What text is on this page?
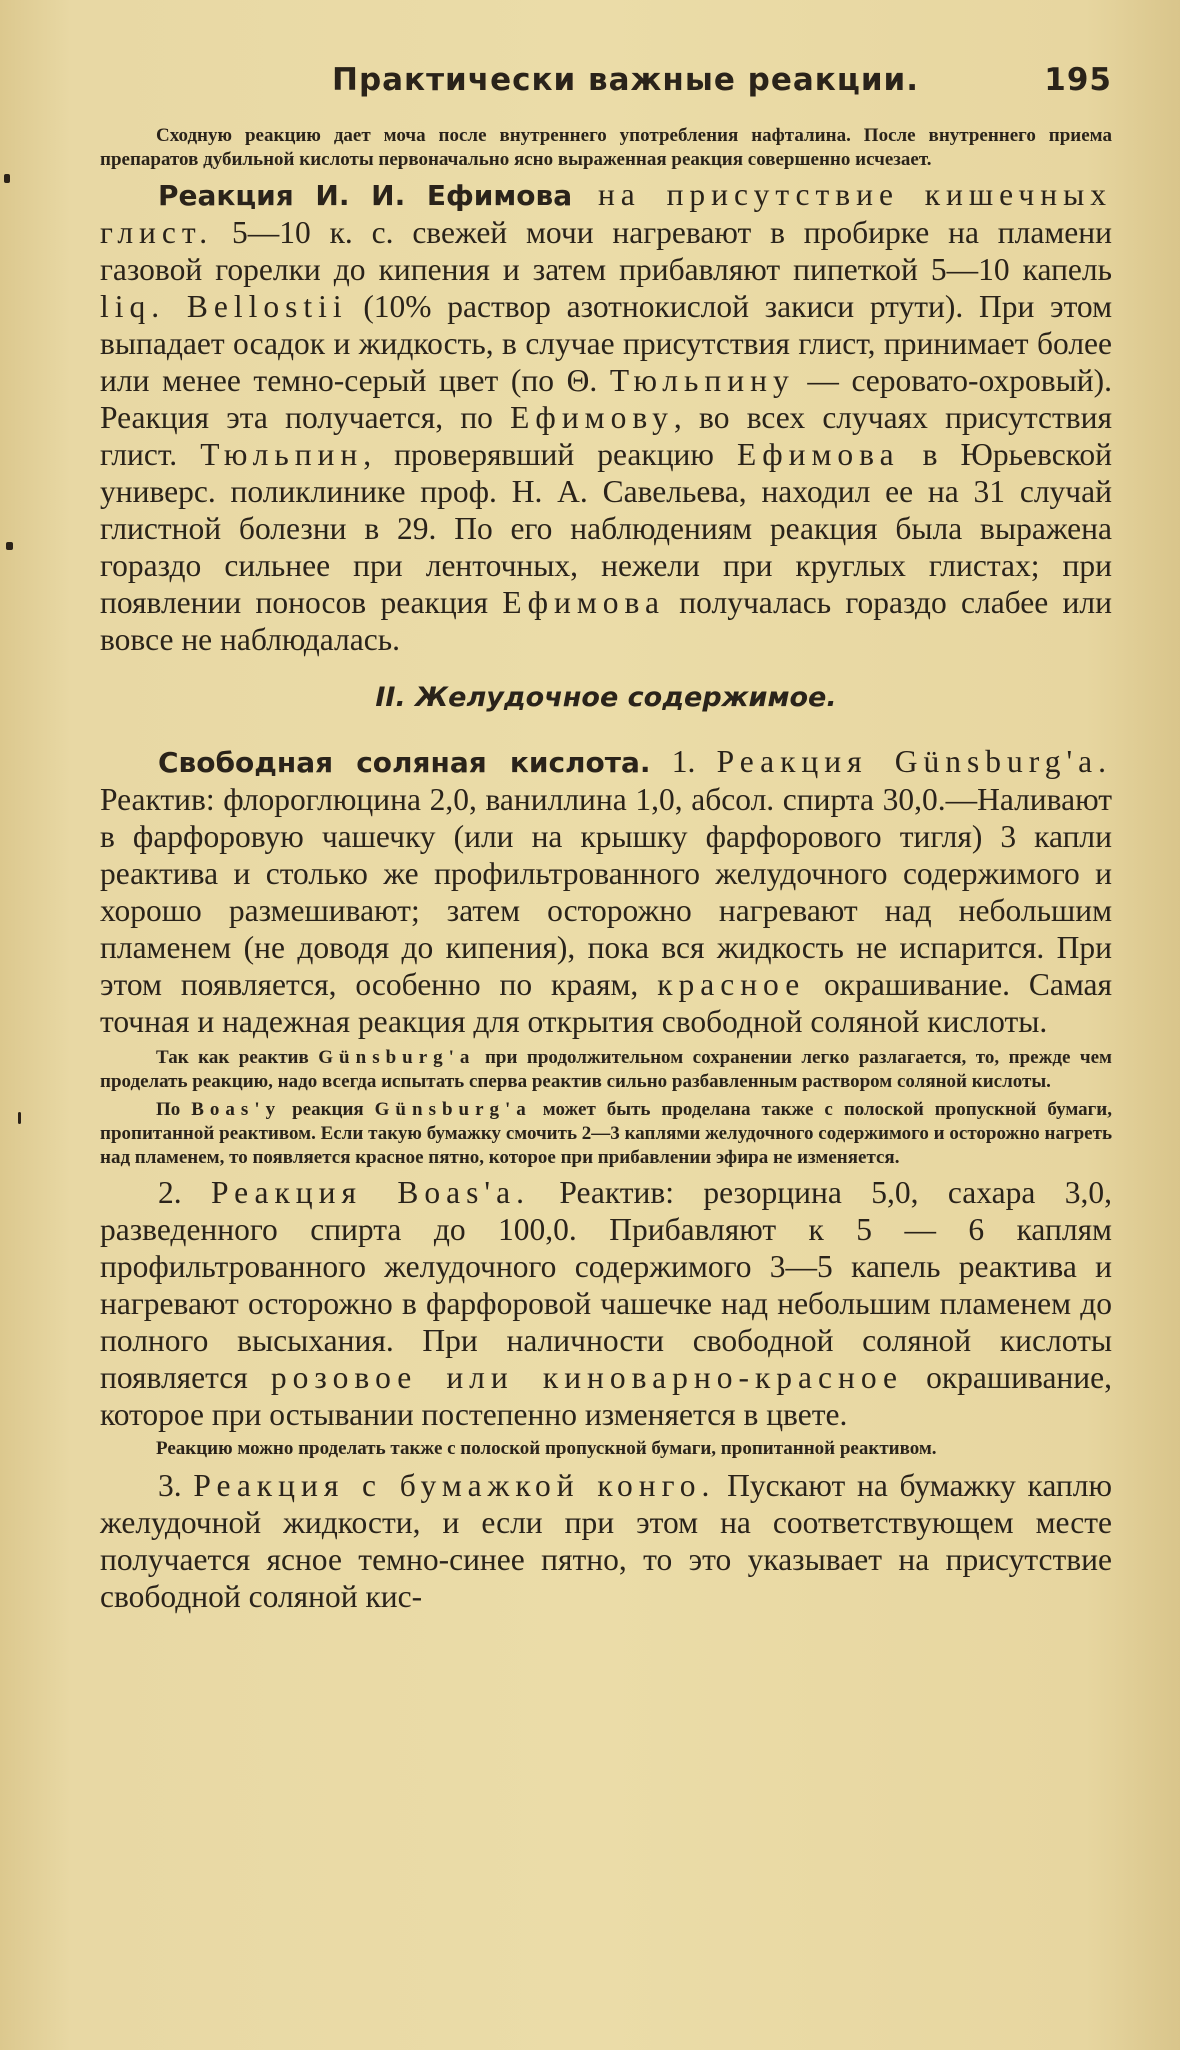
Практически важные реакции.	195

Сходную реакцию дает моча после внутреннего употребления нафталина. После внутреннего приема препаратов дубильной кислоты первоначально ясно выраженная реакция совершенно исчезает.

Реакция И. И. Ефимова на присутствие кишечных глист. 5—10 к. с. свежей мочи нагревают в пробирке на пламени газовой горелки до кипения и затем прибавляют пипеткой 5—10 капель liq. Bellostii (10% раствор азотнокислой закиси ртути). При этом выпадает осадок и жидкость, в случае присутствия глист, принимает более или менее темно-серый цвет (по Θ. Тюльпину — серовато-охровый). Реакция эта получается, по Ефимову, во всех случаях присутствия глист. Тюльпин, проверявший реакцию Ефимова в Юрьевской универс. поликлинике проф. Н. А. Савельева, находил ее на 31 случай глистной болезни в 29. По его наблюдениям реакция была выражена гораздо сильнее при ленточных, нежели при круглых глистах; при появлении поносов реакция Ефимова получалась гораздо слабее или вовсе не наблюдалась.

II. Желудочное содержимое.

Свободная соляная кислота. 1. Реакция Günsburg'a. Реактив: флороглюцина 2,0, ваниллина 1,0, абсол. спирта 30,0.—Наливают в фарфоровую чашечку (или на крышку фарфорового тигля) 3 капли реактива и столько же профильтрованного желудочного содержимого и хорошо размешивают; затем осторожно нагревают над небольшим пламенем (не доводя до кипения), пока вся жидкость не испарится. При этом появляется, особенно по краям, красное окрашивание. Самая точная и надежная реакция для открытия свободной соляной кислоты.

Так как реактив Günsburg'a при продолжительном сохранении легко разлагается, то, прежде чем проделать реакцию, надо всегда испытать сперва реактив сильно разбавленным раствором соляной кислоты.

По Boas'y реакция Günsburg'a может быть проделана также с полоской пропускной бумаги, пропитанной реактивом. Если такую бумажку смочить 2—3 каплями желудочного содержимого и осторожно нагреть над пламенем, то появляется красное пятно, которое при прибавлении эфира не изменяется.

2. Реакция Boas'a. Реактив: резорцина 5,0, сахара 3,0, разведенного спирта до 100,0. Прибавляют к 5 — 6 каплям профильтрованного желудочного содержимого 3—5 капель реактива и нагревают осторожно в фарфоровой чашечке над небольшим пламенем до полного высыхания. При наличности свободной соляной кислоты появляется розовое или киноварно-красное окрашивание, которое при остывании постепенно изменяется в цвете.

Реакцию можно проделать также с полоской пропускной бумаги, пропитанной реактивом.

3. Реакция с бумажкой конго. Пускают на бумажку каплю желудочной жидкости, и если при этом на соответствующем месте получается ясное темно-синее пятно, то это указывает на присутствие свободной соляной кис-
